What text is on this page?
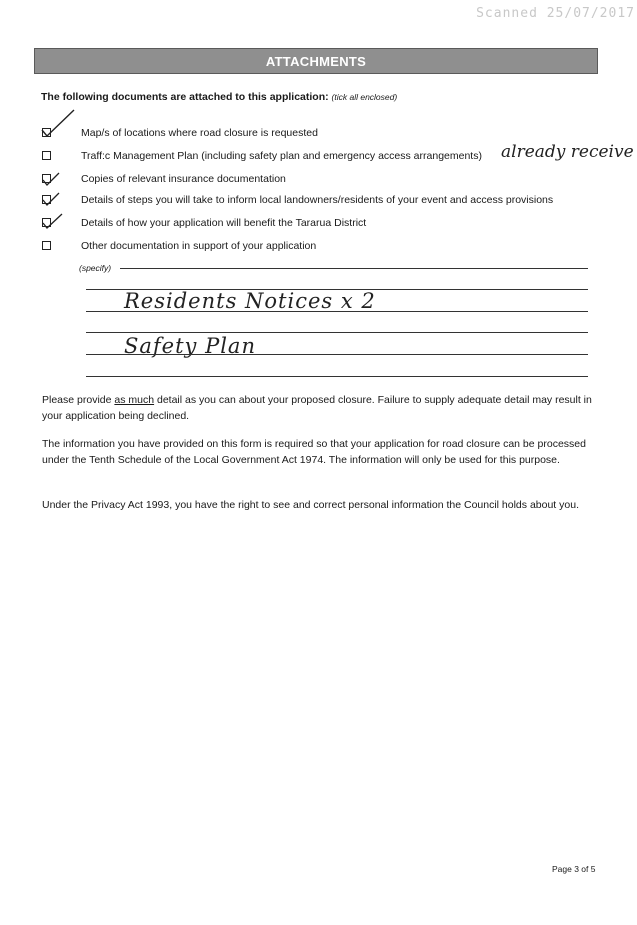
Scanned 25/07/2017
ATTACHMENTS
The following documents are attached to this application: (tick all enclosed)
Map/s of locations where road closure is requested
Traff:c Management Plan (including safety plan and emergency access arrangements)
Copies of relevant insurance documentation
Details of steps you will take to inform local landowners/residents of your event and access provisions
Details of how your application will benefit the Tararua District
Other documentation in support of your application
already receive
(specify)
Residents Notices x 2
Safety Plan
Please provide as much detail as you can about your proposed closure. Failure to supply adequate detail may result in your application being declined.
The information you have provided on this form is required so that your application for road closure can be processed under the Tenth Schedule of the Local Government Act 1974. The information will only be used for this purpose.
Under the Privacy Act 1993, you have the right to see and correct personal information the Council holds about you.
Page 3 of 5
